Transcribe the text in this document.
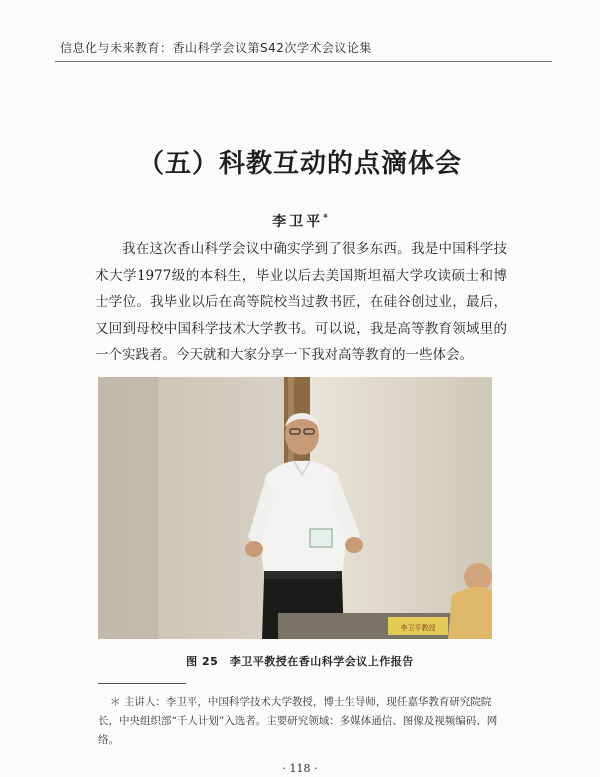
信息化与未来教育：香山科学会议第S42次学术会议论集
（五）科教互动的点滴体会
李卫平*

我在这次香山科学会议中确实学到了很多东西。我是中国科学技术大学1977级的本科生，毕业以后去美国斯坦福大学攻读硕士和博士学位。我毕业以后在高等院校当过教书匠，在硅谷创过业，最后，又回到母校中国科学技术大学教书。可以说，我是高等教育领域里的一个实践者。今天就和大家分享一下我对高等教育的一些体会。

李卫平教授
图 25　李卫平教授在香山科学会议上作报告

＊ 主讲人：李卫平，中国科学技术大学教授，博士生导师，现任嘉华教育研究院院长，中央组织部“千人计划”入选者。主要研究领域：多媒体通信、图像及视频编码、网络。

· 118 ·
